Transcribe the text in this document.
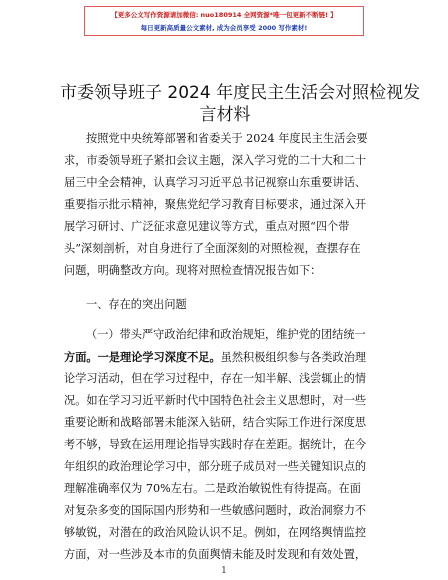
【更多公文写作资源请加微信: nuo180914 全网资源*唯一包更新不断链! 】
每日更新高质量公文素材, 成为会员享受 2000 写作素材!
市委领导班子 2024 年度民主生活会对照检视发
言材料
按照党中央统筹部署和省委关于 2024 年度民主生活会要
求，市委领导班子紧扣会议主题，深入学习党的二十大和二十
届三中全会精神，认真学习习近平总书记视察山东重要讲话、
重要指示批示精神，聚焦党纪学习教育目标要求，通过深入开
展学习研讨、广泛征求意见建议等方式，重点对照“四个带
头”深刻剖析，对自身进行了全面深刻的对照检视，查摆存在
问题，明确整改方向。现将对照检查情况报告如下：
一、存在的突出问题
（一）带头严守政治纪律和政治规矩，维护党的团结统一
方面。一是理论学习深度不足。虽然积极组织参与各类政治理
论学习活动，但在学习过程中，存在一知半解、浅尝辄止的情
况。如在学习习近平新时代中国特色社会主义思想时，对一些
重要论断和战略部署未能深入钻研，结合实际工作进行深度思
考不够，导致在运用理论指导实践时存在差距。据统计，在今
年组织的政治理论学习中，部分班子成员对一些关键知识点的
理解准确率仅为 70%左右。二是政治敏锐性有待提高。在面
对复杂多变的国际国内形势和一些敏感问题时，政治洞察力不
够敏锐，对潜在的政治风险认识不足。例如，在网络舆情监控
方面，对一些涉及本市的负面舆情未能及时发现和有效处置，
1
